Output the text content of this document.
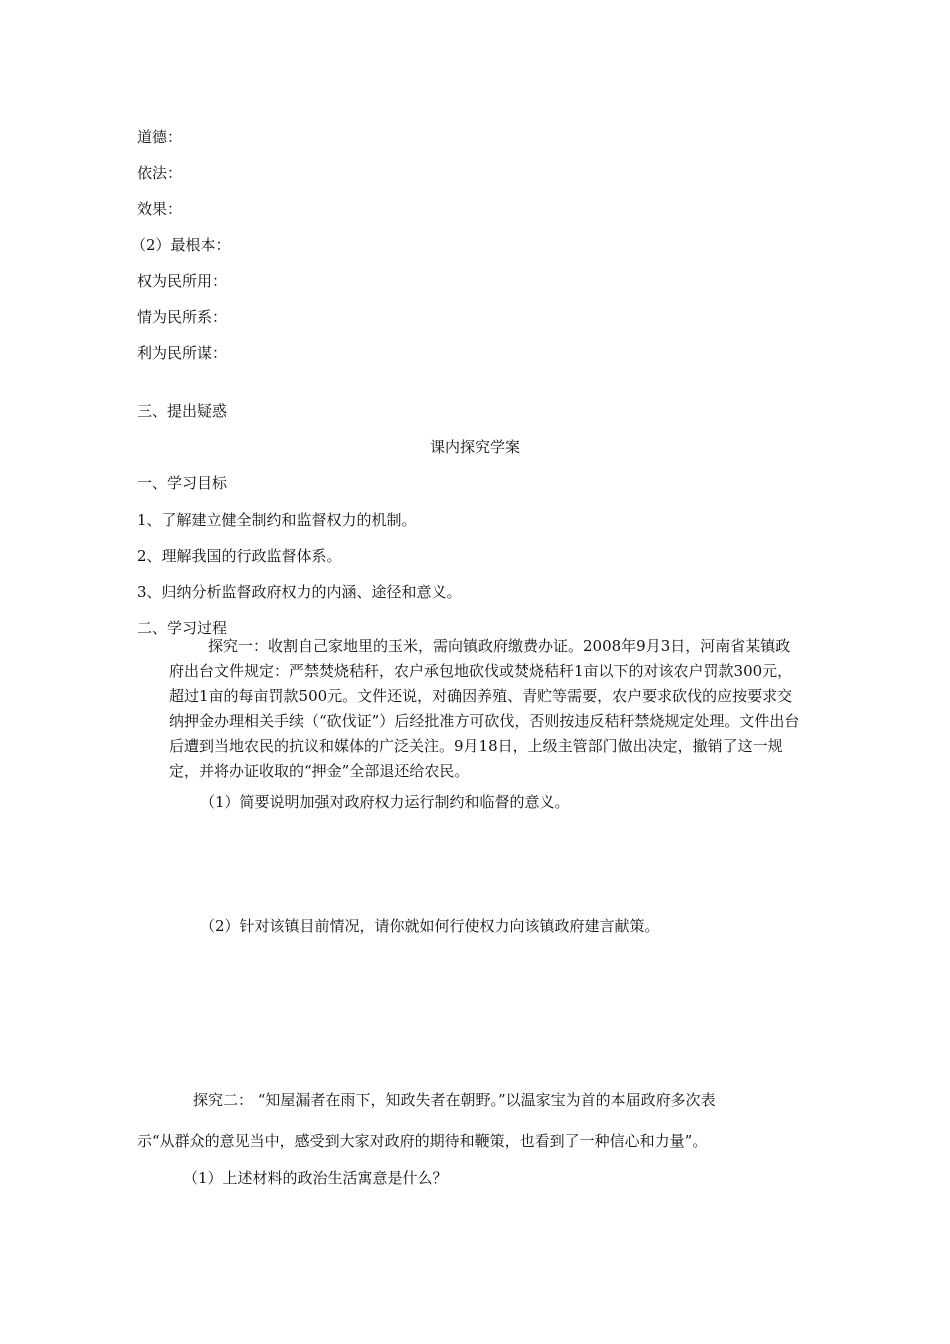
道德：
依法：
效果：
（2）最根本：
权为民所用：
情为民所系：
利为民所谋：
三、提出疑惑
课内探究学案
一、学习目标
1、了解建立健全制约和监督权力的机制。
2、理解我国的行政监督体系。
3、归纳分析监督政府权力的内涵、途径和意义。
二、学习过程
探究一：收割自己家地里的玉米，需向镇政府缴费办证。2008年9月3日，河南省某镇政府出台文件规定：严禁焚烧秸秆，农户承包地砍伐或焚烧秸秆1亩以下的对该农户罚款300元，超过1亩的每亩罚款500元。文件还说，对确因养殖、青贮等需要，农户要求砍伐的应按要求交纳押金办理相关手续（“砍伐证”）后经批准方可砍伐，否则按违反秸秆禁烧规定处理。文件出台后遭到当地农民的抗议和媒体的广泛关注。9月18日，上级主管部门做出决定，撤销了这一规定，并将办证收取的“押金”全部退还给农民。
（1）简要说明加强对政府权力运行制约和临督的意义。
（2）针对该镇目前情况，请你就如何行使权力向该镇政府建言献策。
探究二： “知屋漏者在雨下，知政失者在朝野。”以温家宝为首的本届政府多次表
示“从群众的意见当中，感受到大家对政府的期待和鞭策，也看到了一种信心和力量”。
（1）上述材料的政治生活寓意是什么？
